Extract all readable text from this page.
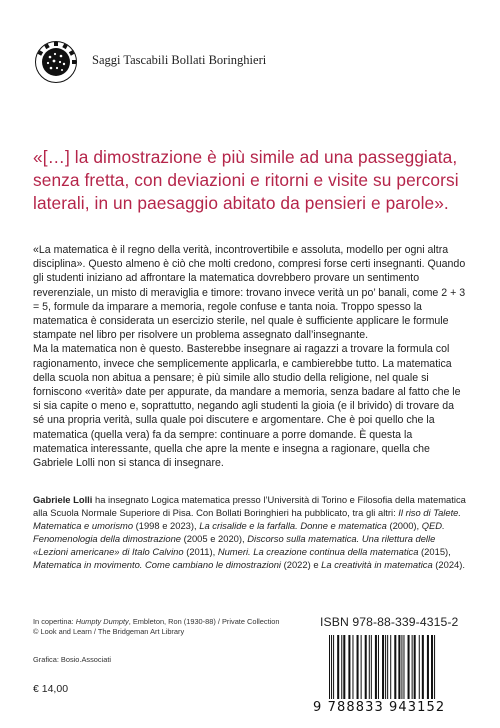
Saggi Tascabili Bollati Boringhieri
«[…] la dimostrazione è più simile ad una passeggiata, senza fretta, con deviazioni e ritorni e visite su percorsi laterali, in un paesaggio abitato da pensieri e parole».

«La matematica è il regno della verità, incontrovertibile e assoluta, modello per ogni altra disciplina». Questo almeno è ciò che molti credono, compresi forse certi insegnanti. Quando gli studenti iniziano ad affrontare la matematica dovrebbero provare un sentimento reverenziale, un misto di meraviglia e timore: trovano invece verità un po’ banali, come 2 + 3 = 5, formule da imparare a memoria, regole confuse e tanta noia. Troppo spesso la matematica è considerata un esercizio sterile, nel quale è sufficiente applicare le formule stampate nel libro per risolvere un problema assegnato dall’insegnante.

Ma la matematica non è questo. Basterebbe insegnare ai ragazzi a trovare la formula col ragionamento, invece che semplicemente applicarla, e cambierebbe tutto. La matematica della scuola non abitua a pensare; è più simile allo studio della religione, nel quale si forniscono «verità» date per appurate, da mandare a memoria, senza badare al fatto che le si sia capite o meno e, soprattutto, negando agli studenti la gioia (e il brivido) di trovare da sé una propria verità, sulla quale poi discutere e argomentare. Che è poi quello che la matematica (quella vera) fa da sempre: continuare a porre domande. È questa la matematica interessante, quella che apre la mente e insegna a ragionare, quella che Gabriele Lolli non si stanca di insegnare.

Gabriele Lolli ha insegnato Logica matematica presso l’Università di Torino e Filosofia della matematica alla Scuola Normale Superiore di Pisa. Con Bollati Boringhieri ha pubblicato, tra gli altri: Il riso di Talete. Matematica e umorismo (1998 e 2023), La crisalide e la farfalla. Donne e matematica (2000), QED. Fenomenologia della dimostrazione (2005 e 2020), Discorso sulla matematica. Una rilettura delle «Lezioni americane» di Italo Calvino (2011), Numeri. La creazione continua della matematica (2015), Matematica in movimento. Come cambiano le dimostrazioni (2022) e La creatività in matematica (2024).
In copertina: Humpty Dumpty, Embleton, Ron (1930-88) / Private Collection
© Look and Learn / The Bridgeman Art Library
Grafica: Bosio.Associati
€ 14,00
ISBN 978-88-339-4315-2
9 788833 943152
